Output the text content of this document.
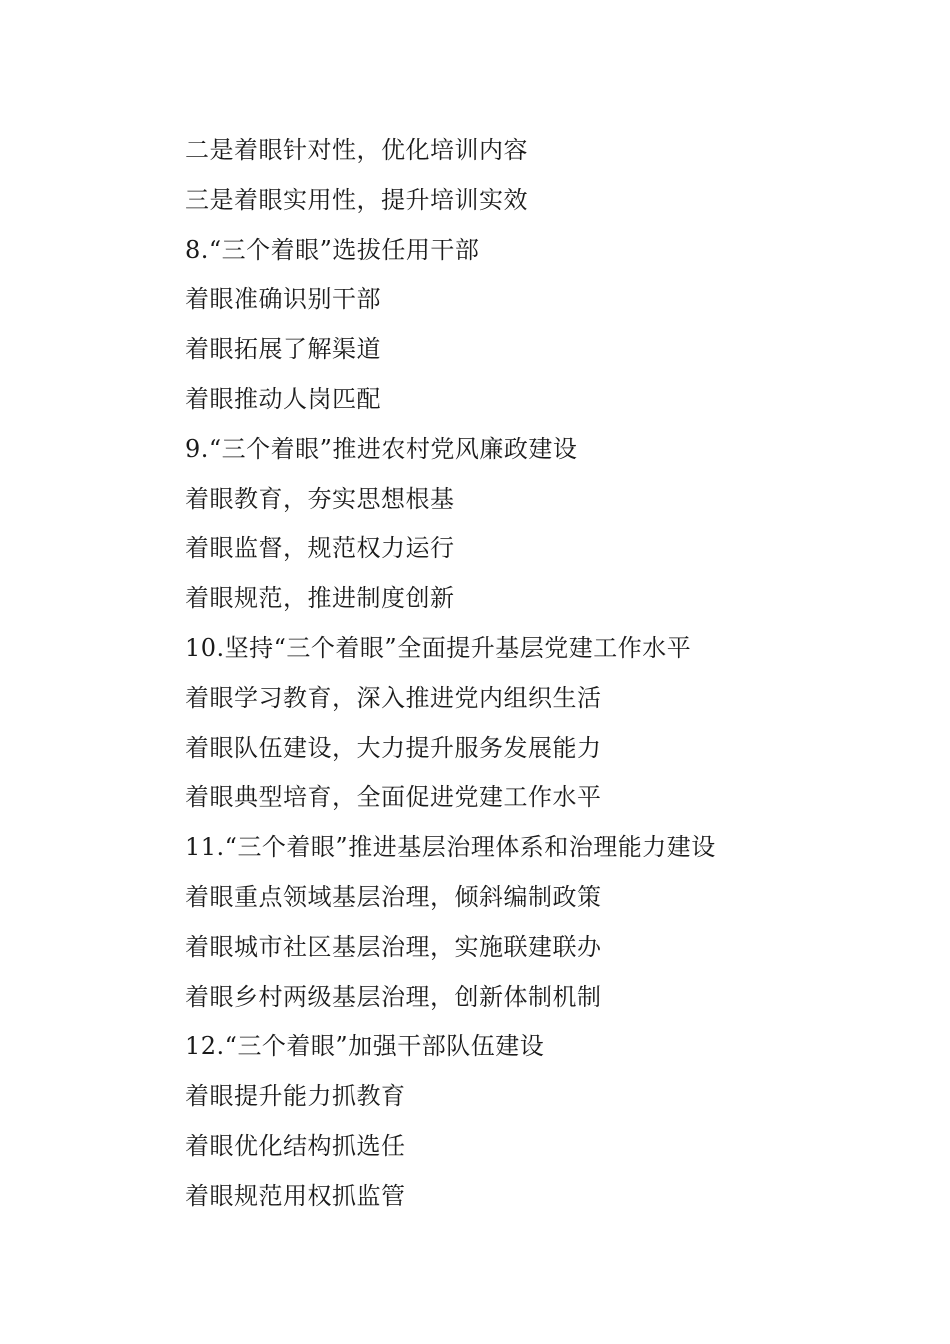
二是着眼针对性，优化培训内容
三是着眼实用性，提升培训实效
8.“三个着眼”选拔任用干部
着眼准确识别干部
着眼拓展了解渠道
着眼推动人岗匹配
9.“三个着眼”推进农村党风廉政建设
着眼教育，夯实思想根基
着眼监督，规范权力运行
着眼规范，推进制度创新
10.坚持“三个着眼”全面提升基层党建工作水平
着眼学习教育，深入推进党内组织生活
着眼队伍建设，大力提升服务发展能力
着眼典型培育，全面促进党建工作水平
11.“三个着眼”推进基层治理体系和治理能力建设
着眼重点领域基层治理，倾斜编制政策
着眼城市社区基层治理，实施联建联办
着眼乡村两级基层治理，创新体制机制
12.“三个着眼”加强干部队伍建设
着眼提升能力抓教育
着眼优化结构抓选任
着眼规范用权抓监管
